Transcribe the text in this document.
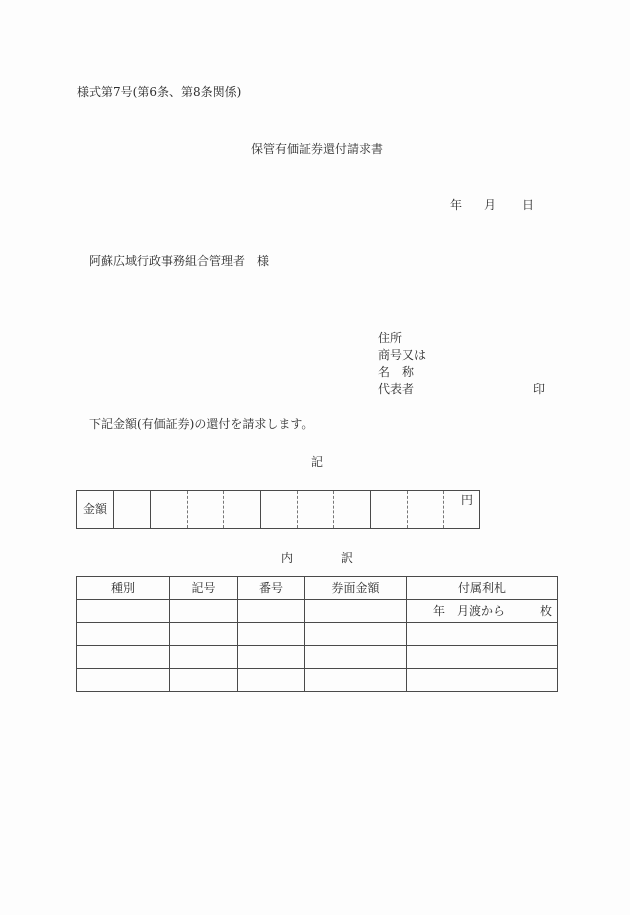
様式第7号(第6条、第8条関係)
保管有価証券還付請求書
年 月 日
阿蘇広域行政事務組合管理者　様
住所
商号又は
名　称
代表者	印
下記金額(有価証券)の還付を請求します。
記
金額
円
内	訳
種別	記号	番号	券面金額	付属利札

				年 月渡から 枚
